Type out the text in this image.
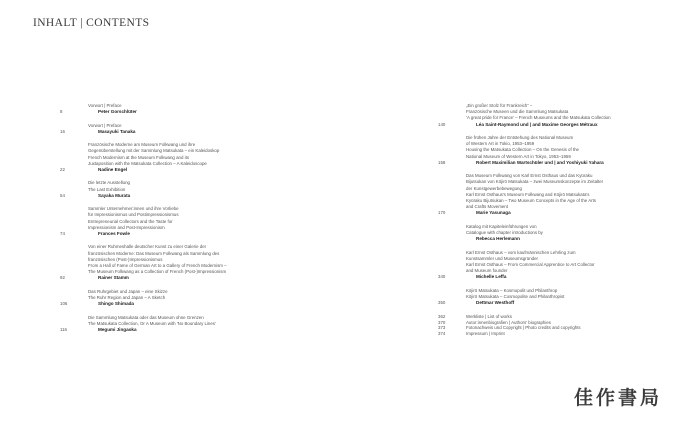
INHALT | CONTENTS
Vorwort | Preface
Peter Gorschlüter
8
Vorwort | Preface
Masayuki Tanaka
16
Französische Moderne am Museum Folkwang und ihre
Gegenüberstellung mit der Sammlung Matsukata – ein Kaleidoskop
French Modernism at the Museum Folkwang and its
Juxtaposition with the Matsukata Collection – A Kaleidoscope
Nadine Engel
22
Die letzte Ausstellung
The Last Exhibition
Sayaka Murata
54
Sammler Unternehmer:innen und ihre Vorliebe
für Impressionismus und Postimpressionismus
Entrepreneurial Collectors and the Taste for
Impressionism and Post-Impressionism
Frances Fowle
74
Von einer Ruhmeshalle deutscher Kunst zu einer Galerie der
französischen Moderne: Das Museum Folkwang als Sammlung des
französischen (Post-)Impressionismus
From a Hall of Fame of German Art to a Gallery of French Modernism –
The Museum Folkwang as a Collection of French (Post-)Impressionism
Rainer Stamm
92
Das Ruhrgebiet und Japan – eine Skizze
The Ruhr Region and Japan – A Sketch
Shingo Shimada
106
Die Sammlung Matsukata oder das Museum ohne Grenzen
The Matsukata Collection, Or A Museum with 'No Boundary Lines'
Megumi Jingaoka
116
„Ein großer Stolz für Frankreich“ –
Französische Museen und die Sammlung Matsukata
‘A great pride for France’ – French Museums and the Matsukata Collection
Léa Saint-Raymond und | and Maxime Georges Métraux
140
Die frühen Jahre der Entstehung des National Museum
of Western Art in Tokio, 1953–1959
Housing the Matsukata Collection – On the Genesis of the
National Museum of Western Art in Tokyo, 1953–1959
Robert Maximilian Wartschüler und | and Yoshiyuki Yahara
158
Das Museum Folkwang von Karl Ernst Osthaus und das Kyūraku
Bijutsukan von Kōjirō Matsukata – zwei Museumskonzepte im Zeitalter
der Kunstgewerbebewegung
Karl Ernst Osthaus's Museum Folkwang and Kōjirō Matsukata's
Kyūraku Bijutsukan – Two Museum Concepts in the Age of the Arts
and Crafts Movement
Marie Yasunaga
170
Katalog mit Kapiteleinführungen von
Catalogue with chapter introductions by
Rebecca Herlemann
Karl Ernst Osthaus – vom kaufmännischen Lehrling zum
Kunstsammler und Museumsgründer
Karl Ernst Osthaus – From Commercial Apprentice to Art Collector
and Museum founder
Michelle Leffa
340
Kōjirō Matsukata – Kosmopolit und Philanthrop
Kōjirō Matsukata – Cosmopolite and Philanthropist
Dettmar Westhoff
350
Werkliste | List of works
362
Autor:innenbiografien | Authors' biographies
370
Fotonachweis und Copyright | Photo credits and copyrights
373
Impressum | Imprint
374
佳作書局
